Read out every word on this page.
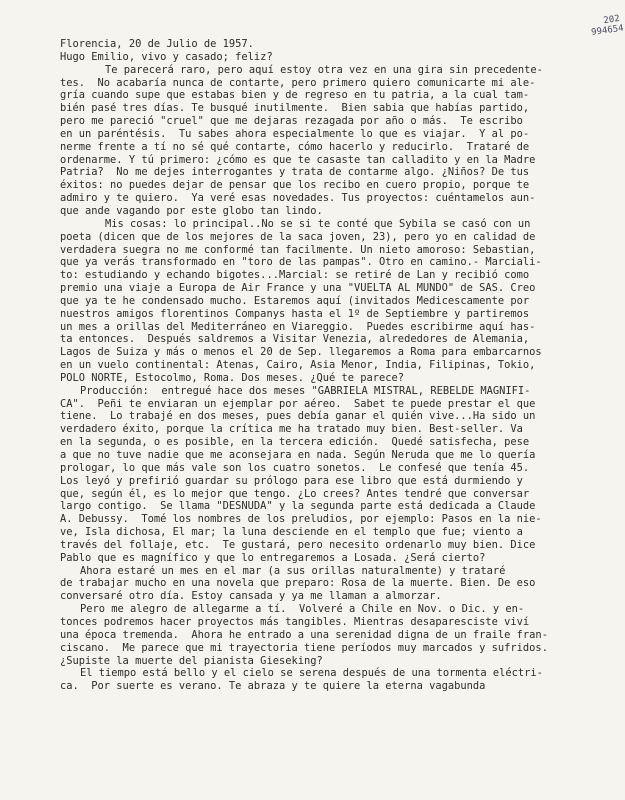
202
994654
Florencia, 20 de Julio de 1957.
Hugo Emilio, vivo y casado; feliz?
Te parecerá raro, pero aquí estoy otra vez en una gira sin precedente-
tes.  No acabaría nunca de contarte, pero primero quiero comunicarte mi ale-
gría cuando supe que estabas bien y de regreso en tu patria, a la cual tam-
bién pasé tres días. Te busqué inutilmente.  Bien sabia que habías partido,
pero me pareció "cruel" que me dejaras rezagada por año o más.  Te escribo
en un paréntésis.  Tu sabes ahora especialmente lo que es viajar.  Y al po-
nerme frente a tí no sé qué contarte, cómo hacerlo y reducirlo.  Trataré de
ordenarme. Y tú primero: ¿cómo es que te casaste tan calladito y en la Madre
Patria?  No me dejes interrogantes y trata de contarme algo. ¿Niños? De tus
éxitos: no puedes dejar de pensar que los recibo en cuero propio, porque te
admiro y te quiero.  Ya veré esas novedades. Tus proyectos: cuéntamelos aun-
que ande vagando por este globo tan lindo.
Mis cosas: lo principal..No se si te conté que Sybila se casó con un
poeta (dicen que de los mejores de la saca joven, 23), pero yo en calidad de
verdadera suegra no me conformé tan facilmente. Un nieto amoroso: Sebastian,
que ya verás transformado en "toro de las pampas". Otro en camino.- Marciali-
to: estudiando y echando bigotes...Marcial: se retiré de Lan y recibió como
premio una viaje a Europa de Air France y una "VUELTA AL MUNDO" de SAS. Creo
que ya te he condensado mucho. Estaremos aquí (invitados Medicescamente por
nuestros amigos florentinos Companys hasta el 1º de Septiembre y partiremos
un mes a orillas del Mediterráneo en Viareggio.  Puedes escribirme aquí has-
ta entonces.  Después saldremos a Visitar Venezia, alrededores de Alemania,
Lagos de Suiza y más o menos el 20 de Sep. llegaremos a Roma para embarcarnos
en un vuelo continental: Atenas, Cairo, Asia Menor, India, Filipinas, Tokio,
POLO NORTE, Estocolmo, Roma. Dos meses. ¿Qué te parece?
Producción:  entregué hace dos meses "GABRIELA MISTRAL, REBELDE MAGNIFI-
CA".  Peñi te enviaran un ejemplar por aéreo.  Sabet te puede prestar el que
tiene.  Lo trabajé en dos meses, pues debía ganar el quién vive...Ha sido un
verdadero éxito, porque la crítica me ha tratado muy bien. Best-seller. Va
en la segunda, o es posible, en la tercera edición.  Quedé satisfecha, pese
a que no tuve nadie que me aconsejara en nada. Según Neruda que me lo quería
prologar, lo que más vale son los cuatro sonetos.  Le confesé que tenía 45.
Los leyó y prefirió guardar su prólogo para ese libro que está durmiendo y
que, según él, es lo mejor que tengo. ¿Lo crees? Antes tendré que conversar
largo contigo.  Se llama "DESNUDA" y la segunda parte está dedicada a Claude
A. Debussy.  Tomé los nombres de los preludios, por ejemplo: Pasos en la nie-
ve, Isla dichosa, El mar; la luna desciende en el templo que fue; viento a
través del follaje, etc.  Te gustará, pero necesito ordenarlo muy bien. Dice
Pablo que es magnífico y que lo entregaremos a Losada. ¿Será cierto?
Ahora estaré un mes en el mar (a sus orillas naturalmente) y trataré
de trabajar mucho en una novela que preparo: Rosa de la muerte. Bien. De eso
conversaré otro día. Estoy cansada y ya me llaman a almorzar.
Pero me alegro de allegarme a tí.  Volveré a Chile en Nov. o Dic. y en-
tonces podremos hacer proyectos más tangibles. Mientras desaparesciste viví
una época tremenda.  Ahora he entrado a una serenidad digna de un fraile fran-
ciscano.  Me parece que mi trayectoria tiene períodos muy marcados y sufridos.
¿Supiste la muerte del pianista Gieseking?
El tiempo está bello y el cielo se serena después de una tormenta eléctri-
ca.  Por suerte es verano. Te abraza y te quiere la eterna vagabunda
